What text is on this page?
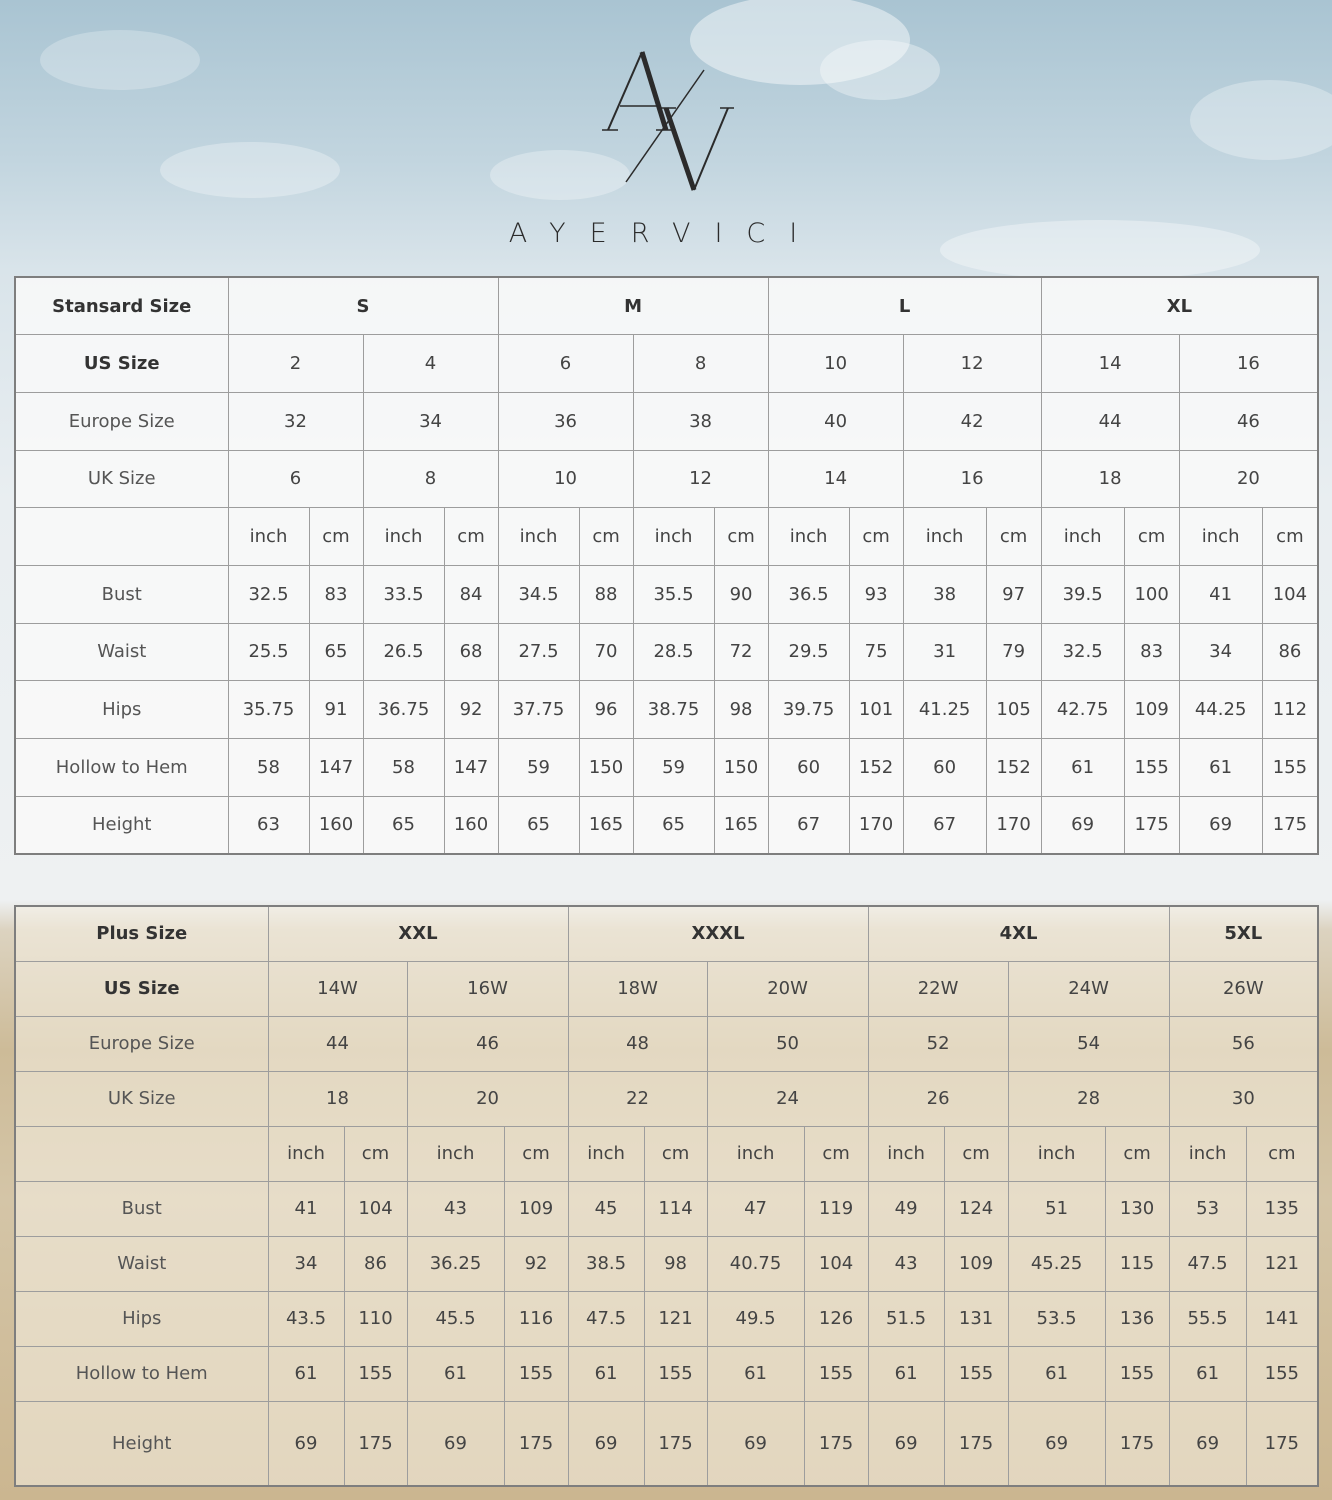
AYERVICI
Stansard Size	S				M				L				XL			
US Size	2		4		6		8		10		12		14		16	
Europe Size	32		34		36		38		40		42		44		46	
UK Size	6		8		10		12		14		16		18		20	
	inch	cm	inch	cm	inch	cm	inch	cm	inch	cm	inch	cm	inch	cm	inch	cm
Bust	32.5	83	33.5	84	34.5	88	35.5	90	36.5	93	38	97	39.5	100	41	104
Waist	25.5	65	26.5	68	27.5	70	28.5	72	29.5	75	31	79	32.5	83	34	86
Hips	35.75	91	36.75	92	37.75	96	38.75	98	39.75	101	41.25	105	42.75	109	44.25	112
Hollow to Hem	58	147	58	147	59	150	59	150	60	152	60	152	61	155	61	155
Height	63	160	65	160	65	165	65	165	67	170	67	170	69	175	69	175
Plus Size	XXL				XXXL				4XL				5XL	
US Size	14W		16W		18W		20W		22W		24W		26W	
Europe Size	44		46		48		50		52		54		56	
UK Size	18		20		22		24		26		28		30	
	inch	cm	inch	cm	inch	cm	inch	cm	inch	cm	inch	cm	inch	cm
Bust	41	104	43	109	45	114	47	119	49	124	51	130	53	135
Waist	34	86	36.25	92	38.5	98	40.75	104	43	109	45.25	115	47.5	121
Hips	43.5	110	45.5	116	47.5	121	49.5	126	51.5	131	53.5	136	55.5	141
Hollow to Hem	61	155	61	155	61	155	61	155	61	155	61	155	61	155
Height	69	175	69	175	69	175	69	175	69	175	69	175	69	175
